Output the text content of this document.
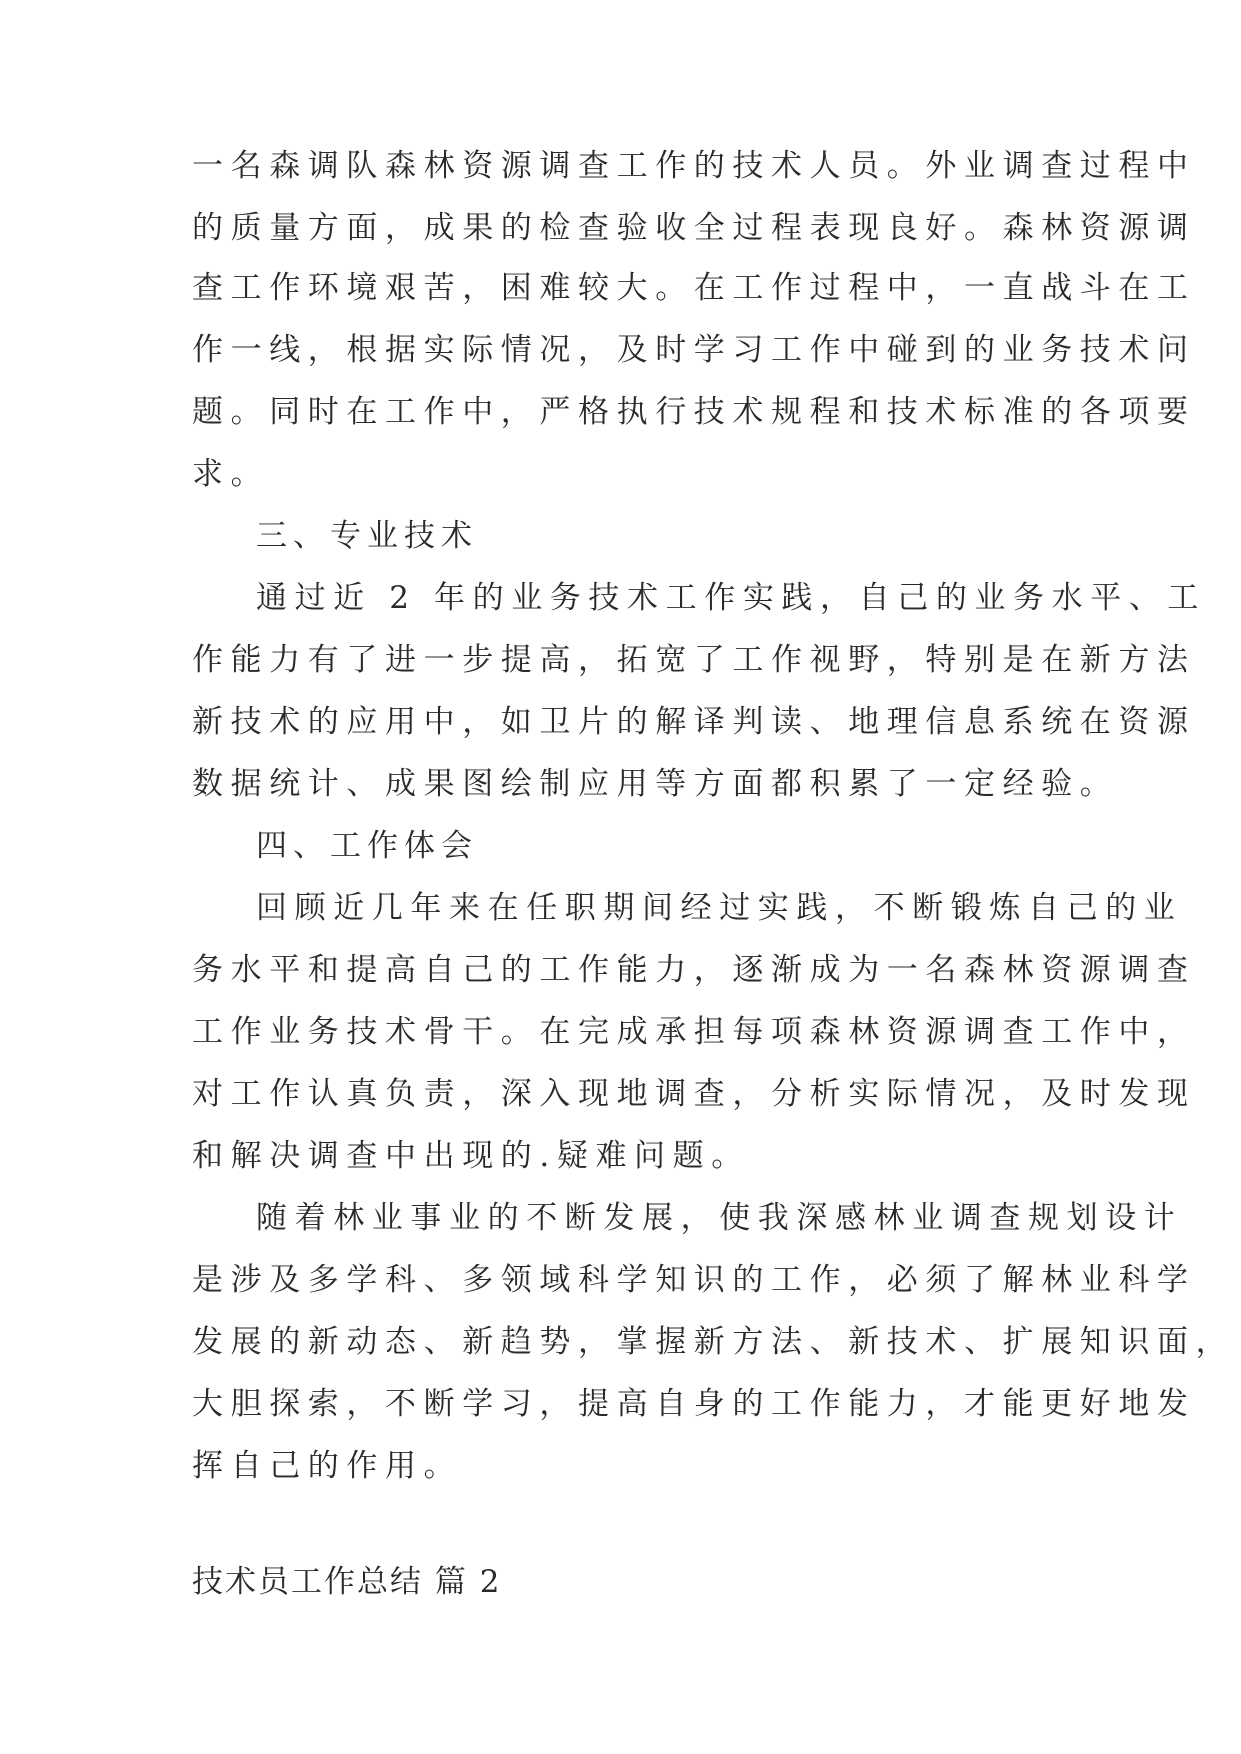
一名森调队森林资源调查工作的技术人员。外业调查过程中
的质量方面，成果的检查验收全过程表现良好。森林资源调
查工作环境艰苦，困难较大。在工作过程中，一直战斗在工
作一线，根据实际情况，及时学习工作中碰到的业务技术问
题。同时在工作中，严格执行技术规程和技术标准的各项要
求。
三、专业技术
通过近 2 年的业务技术工作实践，自己的业务水平、工
作能力有了进一步提高，拓宽了工作视野，特别是在新方法
新技术的应用中，如卫片的解译判读、地理信息系统在资源
数据统计、成果图绘制应用等方面都积累了一定经验。
四、工作体会
回顾近几年来在任职期间经过实践，不断锻炼自己的业
务水平和提高自己的工作能力，逐渐成为一名森林资源调查
工作业务技术骨干。在完成承担每项森林资源调查工作中，
对工作认真负责，深入现地调查，分析实际情况，及时发现
和解决调查中出现的.疑难问题。
随着林业事业的不断发展，使我深感林业调查规划设计
是涉及多学科、多领域科学知识的工作，必须了解林业科学
发展的新动态、新趋势，掌握新方法、新技术、扩展知识面，
大胆探索，不断学习，提高自身的工作能力，才能更好地发
挥自己的作用。
技术员工作总结 篇 2
